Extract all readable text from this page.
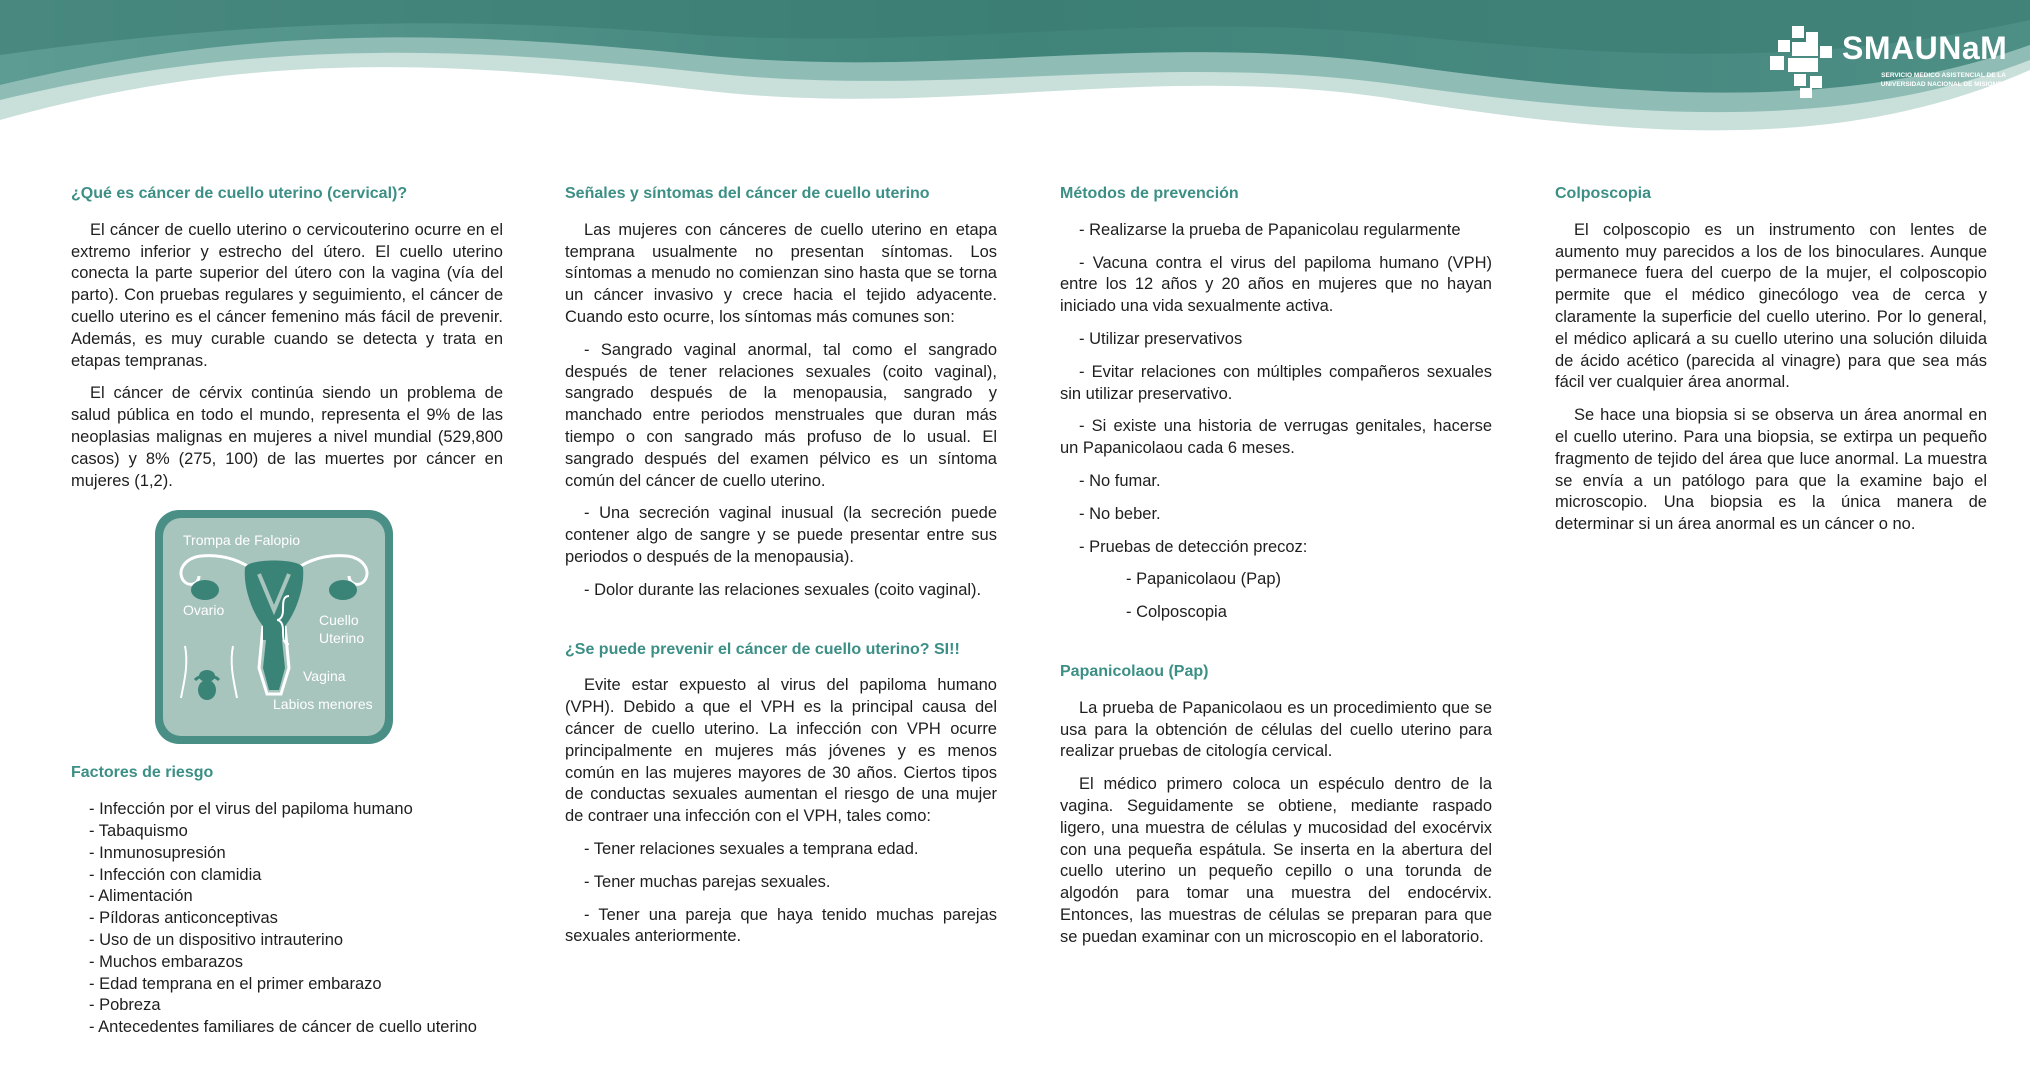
SMAUNaM
SERVICIO MEDICO ASISTENCIAL DE LA
UNIVERSIDAD NACIONAL DE MISIONES
¿Qué es cáncer de cuello uterino (cervical)?

El cáncer de cuello uterino o cervicouterino ocurre en el extremo inferior y estrecho del útero. El cuello uterino conecta la parte superior del útero con la vagina (vía del parto). Con pruebas regulares y seguimiento, el cáncer de cuello uterino es el cáncer femenino más fácil de prevenir. Además, es muy curable cuando se detecta y trata en etapas tempranas.

El cáncer de cérvix continúa siendo un problema de salud pública en todo el mundo, representa el 9% de las neoplasias malignas en mujeres a nivel mundial (529,800 casos) y 8% (275, 100) de las muertes por cáncer en mujeres (1,2).

Trompa de Falopio
Ovario
Cuello
Uterino
Vagina
Labios menores
Factores de riesgo
- Infección por el virus del papiloma humano
- Tabaquismo
- Inmunosupresión
- Infección con clamidia
- Alimentación
- Píldoras anticonceptivas
- Uso de un dispositivo intrauterino
- Muchos embarazos
- Edad temprana en el primer embarazo
- Pobreza
- Antecedentes familiares de cáncer de cuello uterino
Señales y síntomas del cáncer de cuello uterino

Las mujeres con cánceres de cuello uterino en etapa temprana usualmente no presentan síntomas. Los síntomas a menudo no comienzan sino hasta que se torna un cáncer invasivo y crece hacia el tejido adyacente. Cuando esto ocurre, los síntomas más comunes son:

- Sangrado vaginal anormal, tal como el sangrado después de tener relaciones sexuales (coito vaginal), sangrado después de la menopausia, sangrado y manchado entre periodos menstruales que duran más tiempo o con sangrado más profuso de lo usual. El sangrado después del examen pélvico es un síntoma común del cáncer de cuello uterino.
- Una secreción vaginal inusual (la secreción puede contener algo de sangre y se puede presentar entre sus periodos o después de la menopausia).
- Dolor durante las relaciones sexuales (coito vaginal).
¿Se puede prevenir el cáncer de cuello uterino? SI!!

Evite estar expuesto al virus del papiloma humano (VPH). Debido a que el VPH es la principal causa del cáncer de cuello uterino. La infección con VPH ocurre principalmente en mujeres más jóvenes y es menos común en las mujeres mayores de 30 años. Ciertos tipos de conductas sexuales aumentan el riesgo de una mujer de contraer una infección con el VPH, tales como:

- Tener relaciones sexuales a temprana edad.
- Tener muchas parejas sexuales.
- Tener una pareja que haya tenido muchas parejas sexuales anteriormente.
Métodos de prevención
- Realizarse la prueba de Papanicolau regularmente
- Vacuna contra el virus del papiloma humano (VPH) entre los 12 años y 20 años en mujeres que no hayan iniciado una vida sexualmente activa.
- Utilizar preservativos
- Evitar relaciones con múltiples compañeros sexuales sin utilizar preservativo.
- Si existe una historia de verrugas genitales, hacerse un Papanicolaou cada 6 meses.
- No fumar.
- No beber.
- Pruebas de detección precoz:
- Papanicolaou (Pap)
- Colposcopia
Papanicolaou (Pap)

La prueba de Papanicolaou es un procedimiento que se usa para la obtención de células del cuello uterino para realizar pruebas de citología cervical.

El médico primero coloca un espéculo dentro de la vagina. Seguidamente se obtiene, mediante raspado ligero, una muestra de células y mucosidad del exocérvix con una pequeña espátula. Se inserta en la abertura del cuello uterino un pequeño cepillo o una torunda de algodón para tomar una muestra del endocérvix. Entonces, las muestras de células se preparan para que se puedan examinar con un microscopio en el laboratorio.

Colposcopia

El colposcopio es un instrumento con lentes de aumento muy parecidos a los de los binoculares. Aunque permanece fuera del cuerpo de la mujer, el colposcopio permite que el médico ginecólogo vea de cerca y claramente la superficie del cuello uterino. Por lo general, el médico aplicará a su cuello uterino una solución diluida de ácido acético (parecida al vinagre) para que sea más fácil ver cualquier área anormal.

Se hace una biopsia si se observa un área anormal en el cuello uterino. Para una biopsia, se extirpa un pequeño fragmento de tejido del área que luce anormal. La muestra se envía a un patólogo para que la examine bajo el microscopio. Una biopsia es la única manera de determinar si un área anormal es un cáncer o no.
